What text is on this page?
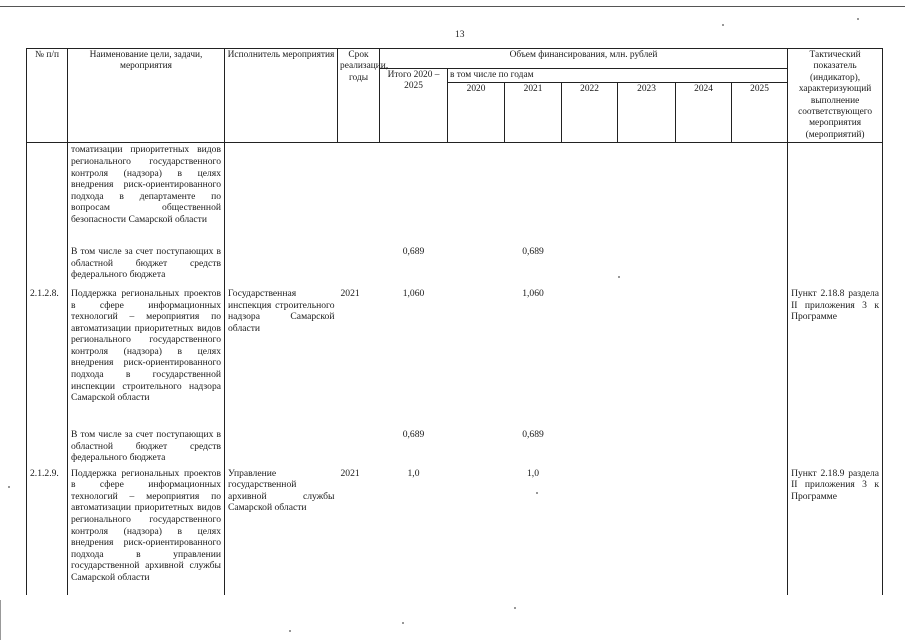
13
№ п/п	Наименование цели, задачи, мероприятия	Исполнитель мероприятия	Срок реализации, годы	Объем финансирования, млн. рублей							Тактический показатель (индикатор), характеризующий выполнение соответствующего мероприятия (мероприятий)
				Итого 2020 – 2025	в том числе по годам						
					2020	2021	2022	2023	2024	2025	
	томатизации приоритетных видов регионального государственного контроля (надзора) в целях внедрения риск-ориентированного подхода в департаменте по вопросам общественной безопасности Самарской области										
	В том числе за счет поступающих в областной бюджет средств федерального бюджета			0,689		0,689					
2.1.2.8.	Поддержка региональных проектов в сфере информационных технологий – мероприятия по автоматизации приоритетных видов регионального государственного контроля (надзора) в целях внедрения риск-ориентированного подхода в государственной инспекции строительного надзора Самарской области	Государственная инспекция строительного надзора Самарской области	2021	1,060		1,060					Пункт 2.18.8 раздела II приложения 3 к Программе
	В том числе за счет поступающих в областной бюджет средств федерального бюджета			0,689		0,689					
2.1.2.9.	Поддержка региональных проектов в сфере информационных технологий – мероприятия по автоматизации приоритетных видов регионального государственного контроля (надзора) в целях внедрения риск-ориентированного подхода в управлении государственной архивной службы Самарской области	Управление государственной архивной службы Самарской области	2021	1,0		1,0					Пункт 2.18.9 раздела II приложения 3 к Программе
